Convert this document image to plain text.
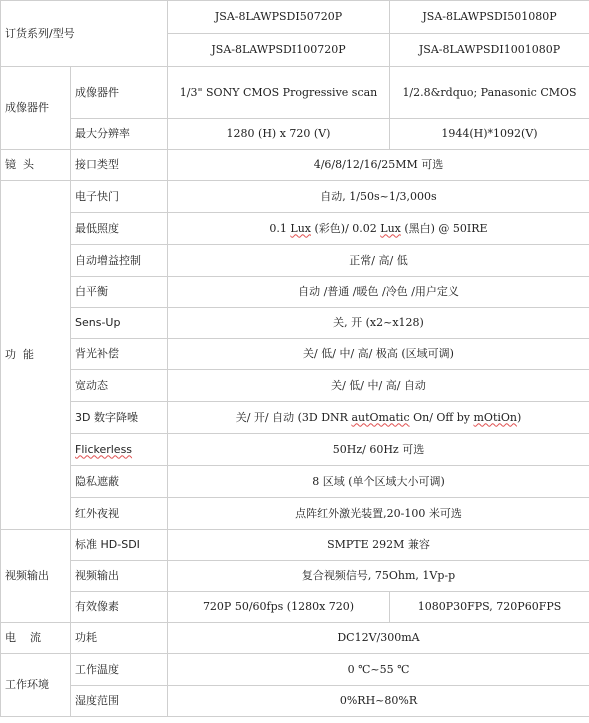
订货系列/型号		JSA-8LAWPSDI50720P	JSA-8LAWPSDI501080P
		JSA-8LAWPSDI100720P	JSA-8LAWPSDI1001080P
成像器件	成像器件	1/3" SONY CMOS Progressive scan	1/2.8&rdquo; Panasonic CMOS
	最大分辨率	1280 (H) x 720 (V)	1944(H)*1092(V)
镜  头	接口类型	4/6/8/12/16/25MM 可选	
功  能	电子快门	自动, 1/50s~1/3,000s	
	最低照度	0.1 Lux (彩色)/ 0.02 Lux (黑白) @ 50IRE	
	自动增益控制	正常/ 高/ 低	
	白平衡	自动 /普通 /暖色 /冷色 /用户定义	
	Sens-Up	关, 开 (x2~x128)	
	背光补偿	关/ 低/ 中/ 高/ 极高 (区域可调)	
	宽动态	关/ 低/ 中/ 高/ 自动	
	3D 数字降噪	关/ 开/ 自动 (3D DNR autOmatic On/ Off by mOtiOn)	
	Flickerless	50Hz/ 60Hz 可选	
	隐私遮蔽	8 区域 (单个区域大小可调)	
	红外夜视	点阵红外激光装置,20-100 米可选	
视频输出	标准 HD-SDI	SMPTE 292M 兼容	
	视频输出	复合视频信号, 75Ohm, 1Vp-p	
	有效像素	720P 50/60fps (1280x 720)	1080P30FPS, 720P60FPS
电    流	功耗	DC12V/300mA	
工作环境	工作温度	0 ℃~55 ℃	
	湿度范围	0%RH~80%R	
